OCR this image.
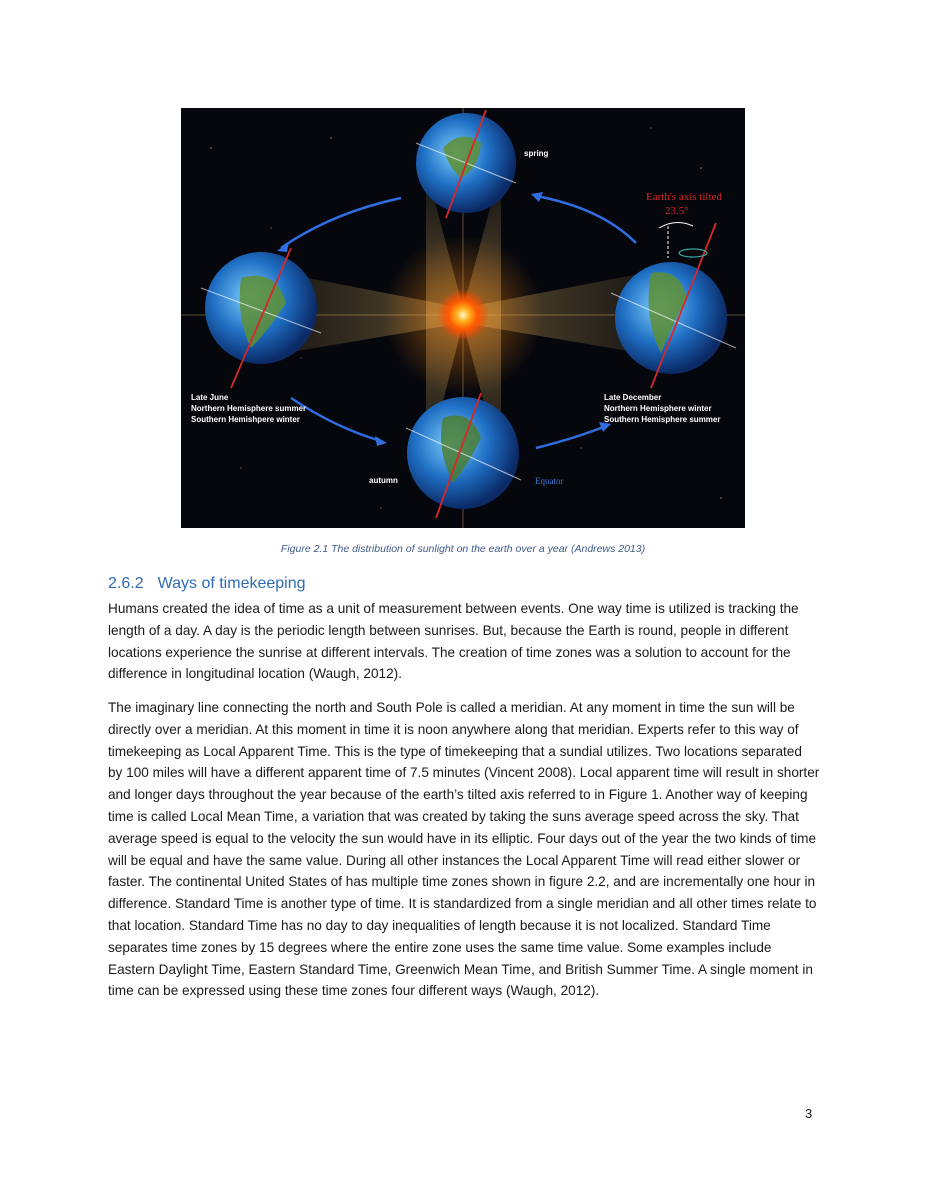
spring
autumn	Equator
Earth's axis tilted
23.5°
Late June
Northern Hemisphere summer
Southern Hemishpere winter
Late December
Northern Hemisphere winter
Southern Hemisphere summer
Figure 2.1 The distribution of sunlight on the earth over a year (Andrews 2013)
2.6.2 Ways of timekeeping

Humans created the idea of time as a unit of measurement between events. One way time is utilized is tracking the length of a day. A day is the periodic length between sunrises. But, because the Earth is round, people in different locations experience the sunrise at different intervals. The creation of time zones was a solution to account for the difference in longitudinal location (Waugh, 2012).

The imaginary line connecting the north and South Pole is called a meridian. At any moment in time the sun will be directly over a meridian. At this moment in time it is noon anywhere along that meridian. Experts refer to this way of timekeeping as Local Apparent Time. This is the type of timekeeping that a sundial utilizes. Two locations separated by 100 miles will have a different apparent time of 7.5 minutes (Vincent 2008). Local apparent time will result in shorter and longer days throughout the year because of the earth’s tilted axis referred to in Figure 1. Another way of keeping time is called Local Mean Time, a variation that was created by taking the suns average speed across the sky. That average speed is equal to the velocity the sun would have in its elliptic. Four days out of the year the two kinds of time will be equal and have the same value. During all other instances the Local Apparent Time will read either slower or faster. The continental United States of has multiple time zones shown in figure 2.2, and are incrementally one hour in difference. Standard Time is another type of time. It is standardized from a single meridian and all other times relate to that location. Standard Time has no day to day inequalities of length because it is not localized. Standard Time separates time zones by 15 degrees where the entire zone uses the same time value. Some examples include Eastern Daylight Time, Eastern Standard Time, Greenwich Mean Time, and British Summer Time. A single moment in time can be expressed using these time zones four different ways (Waugh, 2012).

3
